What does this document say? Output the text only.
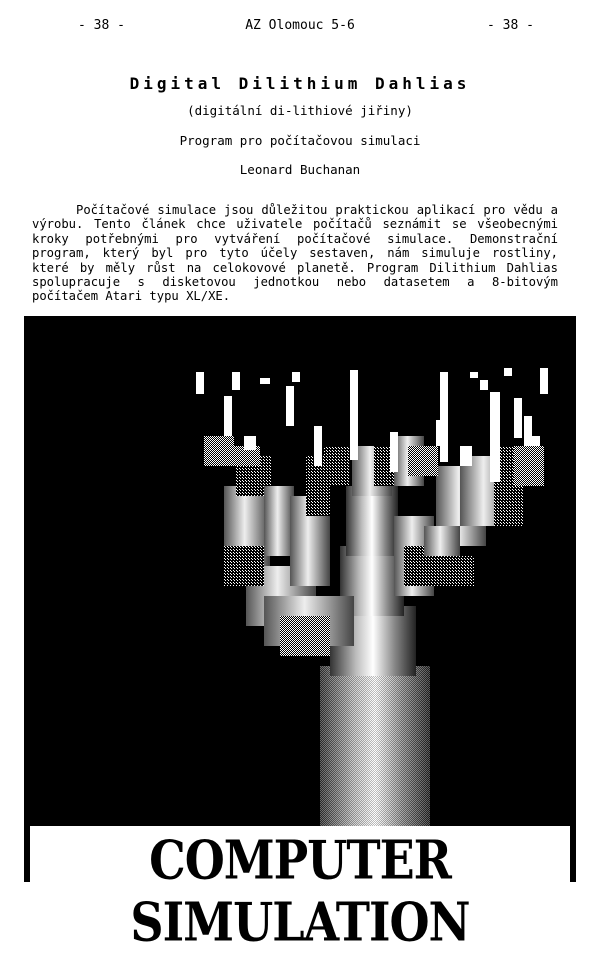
- 38 -	AZ Olomouc 5-6	- 38 -
Digital Dilithium Dahlias
(digitální di-lithiové jiřiny)
Program pro počítačovou simulaci
Leonard Buchanan

Počítačové simulace jsou důležitou praktickou aplikací pro vědu a výrobu. Tento článek chce uživatele počítačů seznámit se všeobecnými kroky potřebnými pro vytváření počítačové simulace. Demonstrační program, který byl pro tyto účely sestaven, nám simuluje rostliny, které by měly růst na celokovové planetě. Program Dilithium Dahlias spolupracuje s disketovou jednotkou nebo datasetem a 8-bitovým počítačem Atari typu XL/XE.

COMPUTER SIMULATION
